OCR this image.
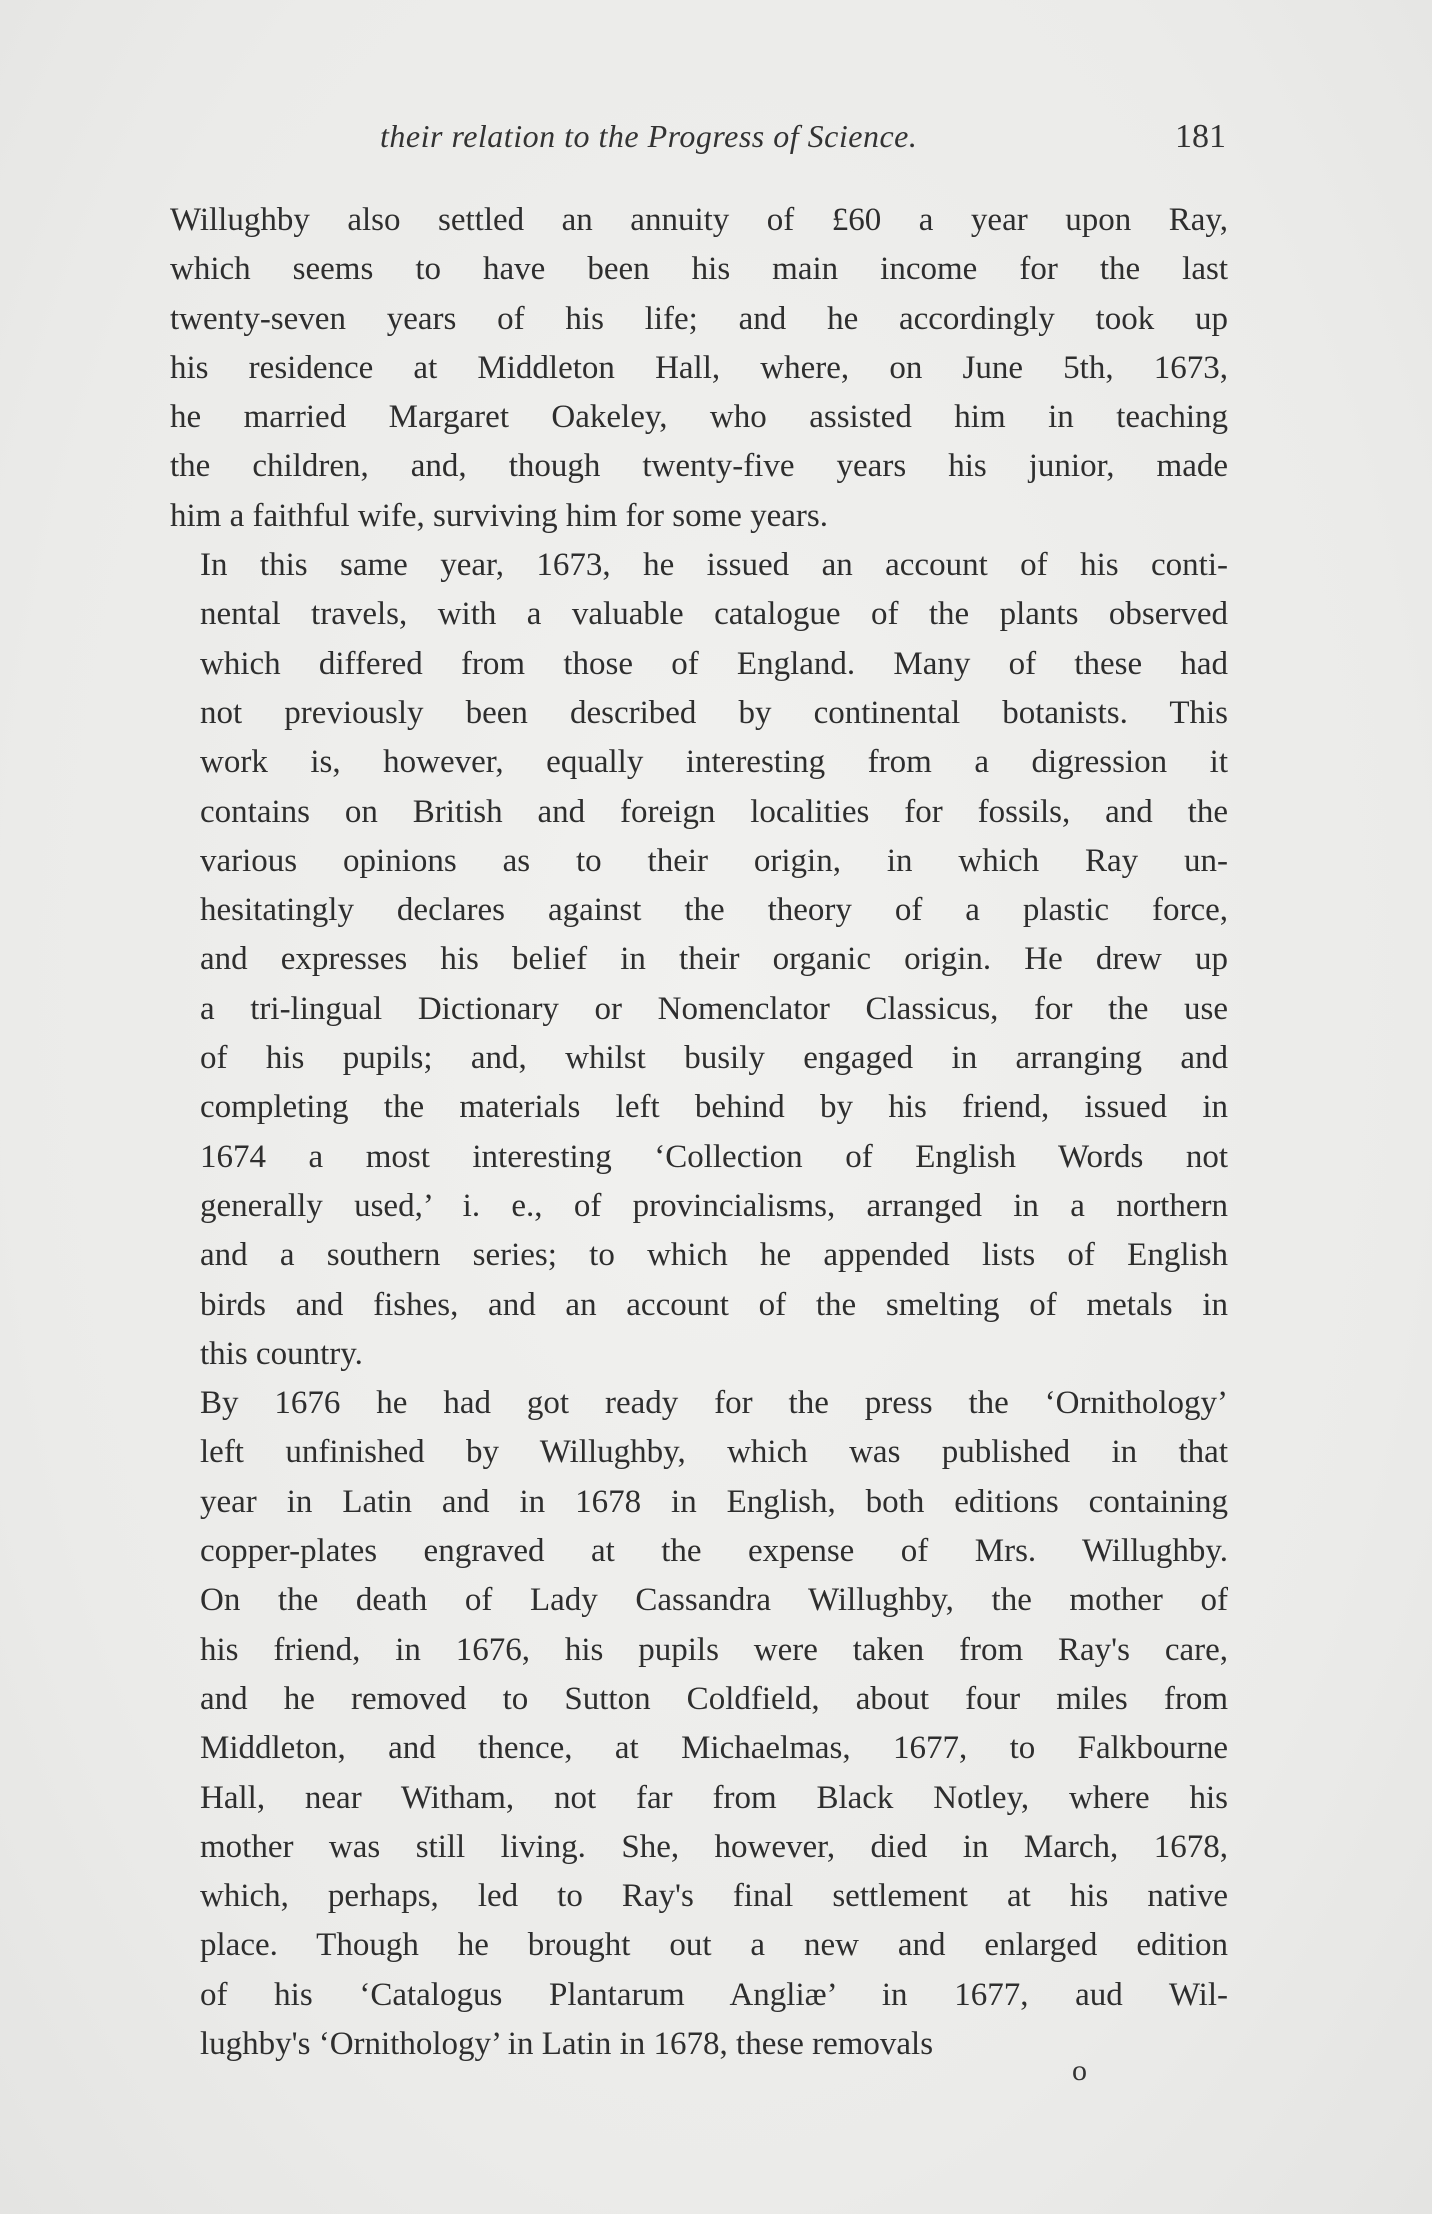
their relation to the Progress of Science.	181
Willughby also settled an annuity of £60 a year upon Ray,
which seems to have been his main income for the last
twenty-seven years of his life; and he accordingly took up
his residence at Middleton Hall, where, on June 5th, 1673,
he married Margaret Oakeley, who assisted him in teaching
the children, and, though twenty-five years his junior, made
him a faithful wife, surviving him for some years.
In this same year, 1673, he issued an account of his conti-
nental travels, with a valuable catalogue of the plants observed
which differed from those of England. Many of these had
not previously been described by continental botanists. This
work is, however, equally interesting from a digression it
contains on British and foreign localities for fossils, and the
various opinions as to their origin, in which Ray un-
hesitatingly declares against the theory of a plastic force,
and expresses his belief in their organic origin. He drew up
a tri-lingual Dictionary or Nomenclator Classicus, for the use
of his pupils; and, whilst busily engaged in arranging and
completing the materials left behind by his friend, issued in
1674 a most interesting ‘Collection of English Words not
generally used,’ i. e., of provincialisms, arranged in a northern
and a southern series; to which he appended lists of English
birds and fishes, and an account of the smelting of metals in
this country.
By 1676 he had got ready for the press the ‘Ornithology’
left unfinished by Willughby, which was published in that
year in Latin and in 1678 in English, both editions containing
copper-plates engraved at the expense of Mrs. Willughby.
On the death of Lady Cassandra Willughby, the mother of
his friend, in 1676, his pupils were taken from Ray's care,
and he removed to Sutton Coldfield, about four miles from
Middleton, and thence, at Michaelmas, 1677, to Falkbourne
Hall, near Witham, not far from Black Notley, where his
mother was still living. She, however, died in March, 1678,
which, perhaps, led to Ray's final settlement at his native
place. Though he brought out a new and enlarged edition
of his ‘Catalogus Plantarum Angliæ’ in 1677, aud Wil-
lughby's ‘Ornithology’ in Latin in 1678, these removals
o
